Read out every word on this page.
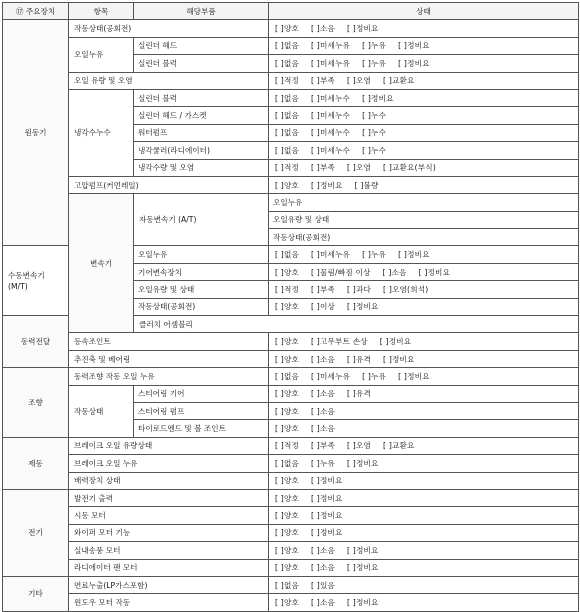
⑰ 주요장치	항목	해당부품	상태	
원동기	작동상태(공회전)		[ ]양호 [ ]소음 [ ]정비요	
	오일누유	실린더 헤드	[ ]없음 [ ]미세누유 [ ]누유 [ ]정비요	
		실린더 블럭	[ ]없음 [ ]미세누유 [ ]누유 [ ]정비요	
	오일 유량 및 오염		[ ]적정 [ ]부족 [ ]오염 [ ]교환요	
	냉각수누수	실린더 블럭	[ ]없음 [ ]미세누수 [ ]정비요	
		실린더 헤드 / 가스켓	[ ]없음 [ ]미세누수 [ ]누수	
		워터펌프	[ ]없음 [ ]미세누수 [ ]누수	
		냉각쿨러(라디에이터)	[ ]없음 [ ]미세누수 [ ]누수	
		냉각수량 및 오염	[ ]적정 [ ]부족 [ ]오염 [ ]교환요(부식)	
	고압펌프(커먼레일)		[ ]양호 [ ]정비요 [ ]불량	
	변속기	자동변속기 (A/T)	오일누유	
			오일유량 및 상태	
			작동상태(공회전)	
수동변속기 (M/T)		오일누유	[ ]없음 [ ]미세누유 [ ]누유 [ ]정비요	
		기어변속장치	[ ]양호 [ ]물림/빠짐 이상 [ ]소음 [ ]정비요	
		오일유량 및 상태	[ ]적정 [ ]부족 [ ]과다 [ ]오염(희석)	
		작동상태(공회전)	[ ]양호 [ ]이상 [ ]정비요	
동력전달		클러치 어셈블리	
	등속조인트		[ ]양호 [ ]고무부트 손상 [ ]정비요	
	추진축 및 베어링		[ ]양호 [ ]소음 [ ]유격 [ ]정비요	
조향	동력조향 작동 오일 누유		[ ]없음 [ ]미세누유 [ ]누유 [ ]정비요	
	작동상태	스티어링 기어	[ ]양호 [ ]소음 [ ]유격	
		스티어링 펌프	[ ]양호 [ ]소음	
		타이로드엔드 및 볼 조인트	[ ]양호 [ ]소음	
제동	브레이크 오일 유량상태		[ ]적정 [ ]부족 [ ]오염 [ ]교환요	
	브레이크 오일 누유		[ ]없음 [ ]누유 [ ]정비요	
	배력장치 상태		[ ]양호 [ ]정비요	
전기	발전기 출력		[ ]양호 [ ]정비요	
	시동 모터		[ ]양호 [ ]정비요	
	와이퍼 모터 기능		[ ]양호 [ ]정비요	
	실내송풍 모터		[ ]양호 [ ]소음 [ ]정비요	
	라디에이터 팬 모터		[ ]양호 [ ]소음 [ ]정비요	
기타	연료누출(LP가스포함)		[ ]없음 [ ]있음	
	윈도우 모터 작동		[ ]양호 [ ]소음 [ ]정비요	
